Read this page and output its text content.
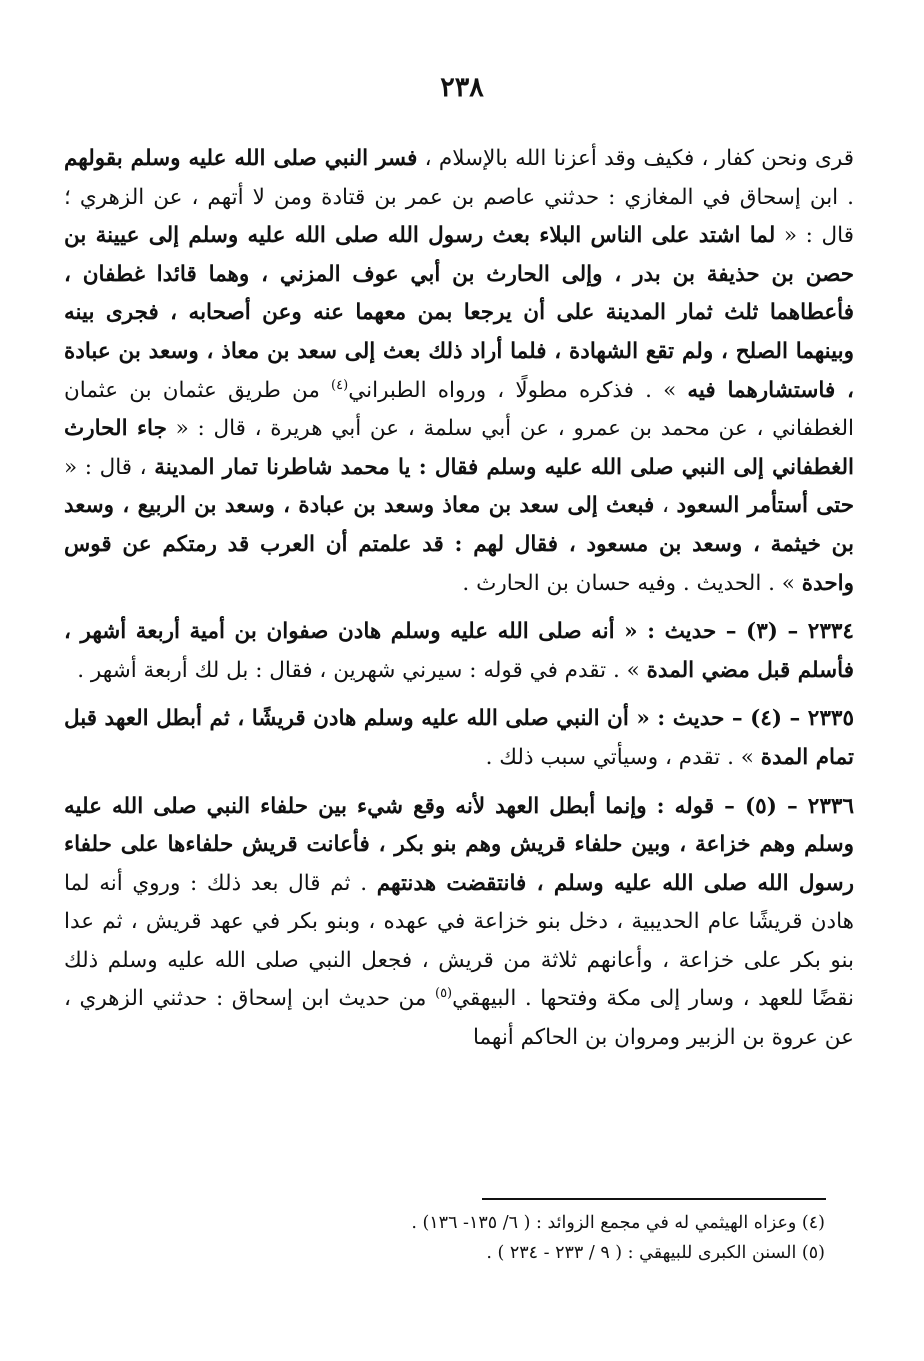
٢٣٨

قرى ونحن كفار ، فكيف وقد أعزنا الله بالإسلام ، فسر النبي صلى الله عليه وسلم بقولهم . ابن إسحاق في المغازي : حدثني عاصم بن عمر بن قتادة ومن لا أتهم ، عن الزهري ؛ قال : « لما اشتد على الناس البلاء بعث رسول الله صلى الله عليه وسلم إلى عيينة بن حصن بن حذيفة بن بدر ، وإلى الحارث بن أبي عوف المزني ، وهما قائدا غطفان ، فأعطاهما ثلث ثمار المدينة على أن يرجعا بمن معهما عنه وعن أصحابه ، فجرى بينه وبينهما الصلح ، ولم تقع الشهادة ، فلما أراد ذلك بعث إلى سعد بن معاذ ، وسعد بن عبادة ، فاستشارهما فيه » . فذكره مطولًا ، ورواه الطبراني$^{(٤)}$ من طريق عثمان بن عثمان الغطفاني ، عن محمد بن عمرو ، عن أبي سلمة ، عن أبي هريرة ، قال : « جاء الحارث الغطفاني إلى النبي صلى الله عليه وسلم فقال : يا محمد شاطرنا تمار المدينة ، قال : « حتى أستأمر السعود ، فبعث إلى سعد بن معاذ وسعد بن عبادة ، وسعد بن الربيع ، وسعد بن خيثمة ، وسعد بن مسعود ، فقال لهم : قد علمتم أن العرب قد رمتكم عن قوس واحدة » . الحديث . وفيه حسان بن الحارث .

٢٣٣٤ – (٣) – حديث : « أنه صلى الله عليه وسلم هادن صفوان بن أمية أربعة أشهر ، فأسلم قبل مضي المدة » . تقدم في قوله : سيرني شهرين ، فقال : بل لك أربعة أشهر .

٢٣٣٥ – (٤) – حديث : « أن النبي صلى الله عليه وسلم هادن قريشًا ، ثم أبطل العهد قبل تمام المدة » . تقدم ، وسيأتي سبب ذلك .

٢٣٣٦ – (٥) – قوله : وإنما أبطل العهد لأنه وقع شيء بين حلفاء النبي صلى الله عليه وسلم وهم خزاعة ، وبين حلفاء قريش وهم بنو بكر ، فأعانت قريش حلفاءها على حلفاء رسول الله صلى الله عليه وسلم ، فانتقضت هدنتهم . ثم قال بعد ذلك : وروي أنه لما هادن قريشًا عام الحديبية ، دخل بنو خزاعة في عهده ، وبنو بكر في عهد قريش ، ثم عدا بنو بكر على خزاعة ، وأعانهم ثلاثة من قريش ، فجعل النبي صلى الله عليه وسلم ذلك نقضًا للعهد ، وسار إلى مكة وفتحها . البيهقي$^{(٥)}$ من حديث ابن إسحاق : حدثني الزهري ، عن عروة بن الزبير ومروان بن الحاكم أنهما

(٤) وعزاه الهيثمي له في مجمع الزوائد : ( ٦/ ١٣٥- ١٣٦) .

(٥) السنن الكبرى للبيهقي : ( ٩ / ٢٣٣ - ٢٣٤ ) .
